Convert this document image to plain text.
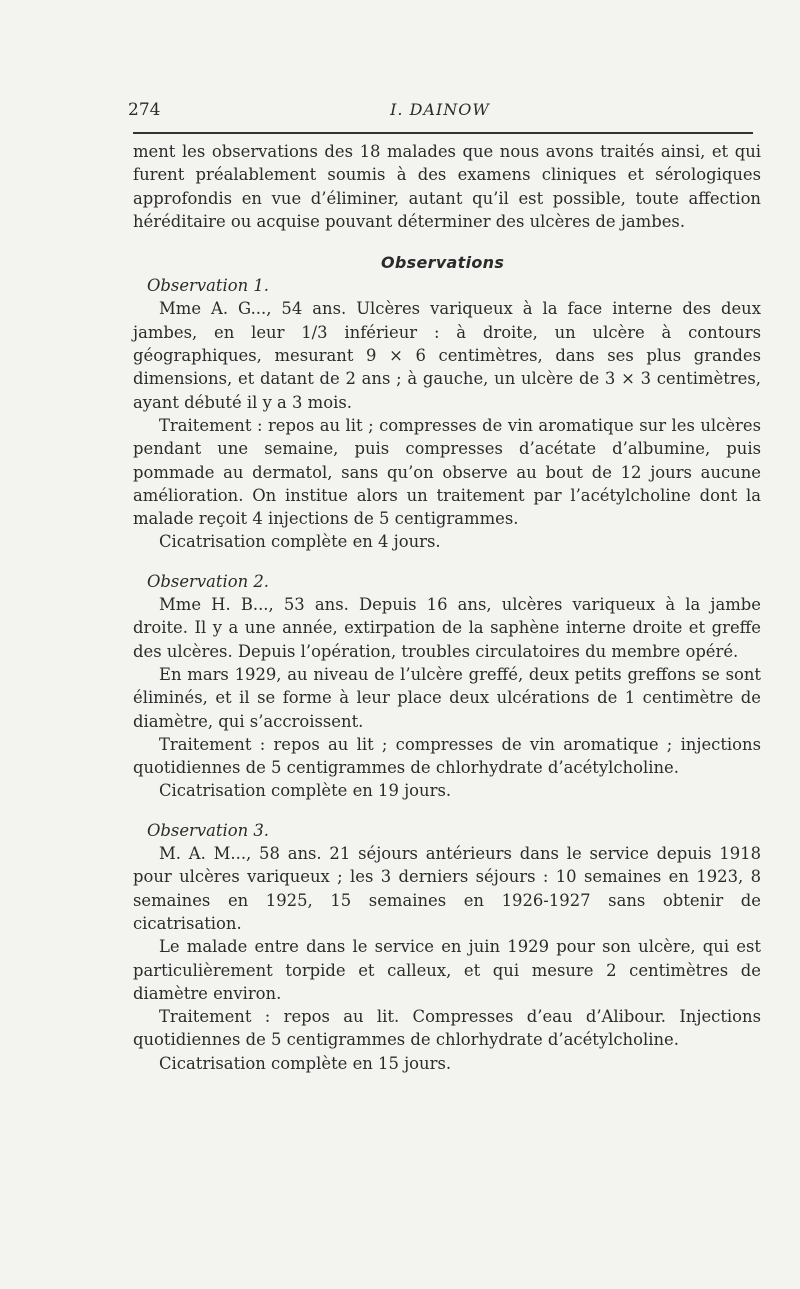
274	I. DAINOW

ment les observations des 18 malades que nous avons traités ainsi, et qui furent préalablement soumis à des examens cliniques et sérologiques approfondis en vue d’éliminer, autant qu’il est possible, toute affection héréditaire ou acquise pouvant déterminer des ulcères de jambes.

Observations

Observation 1.

Mme A. G..., 54 ans. Ulcères variqueux à la face interne des deux jambes, en leur 1/3 inférieur : à droite, un ulcère à contours géographiques, mesurant 9 × 6 centimètres, dans ses plus grandes dimensions, et datant de 2 ans ; à gauche, un ulcère de 3 × 3 centimètres, ayant débuté il y a 3 mois.

Traitement : repos au lit ; compresses de vin aromatique sur les ulcères pendant une semaine, puis compresses d’acétate d’albumine, puis pommade au dermatol, sans qu’on observe au bout de 12 jours aucune amélioration. On institue alors un traitement par l’acétylcholine dont la malade reçoit 4 injections de 5 centigrammes.

Cicatrisation complète en 4 jours.

Observation 2.

Mme H. B..., 53 ans. Depuis 16 ans, ulcères variqueux à la jambe droite. Il y a une année, extirpation de la saphène interne droite et greffe des ulcères. Depuis l’opération, troubles circulatoires du membre opéré.

En mars 1929, au niveau de l’ulcère greffé, deux petits greffons se sont éliminés, et il se forme à leur place deux ulcérations de 1 centimètre de diamètre, qui s’accroissent.

Traitement : repos au lit ; compresses de vin aromatique ; injections quotidiennes de 5 centigrammes de chlorhydrate d’acétylcholine.

Cicatrisation complète en 19 jours.

Observation 3.

M. A. M..., 58 ans. 21 séjours antérieurs dans le service depuis 1918 pour ulcères variqueux ; les 3 derniers séjours : 10 semaines en 1923, 8 semaines en 1925, 15 semaines en 1926-1927 sans obtenir de cicatrisation.

Le malade entre dans le service en juin 1929 pour son ulcère, qui est particulièrement torpide et calleux, et qui mesure 2 centimètres de diamètre environ.

Traitement : repos au lit. Compresses d’eau d’Alibour. Injections quotidiennes de 5 centigrammes de chlorhydrate d’acétylcholine.

Cicatrisation complète en 15 jours.
